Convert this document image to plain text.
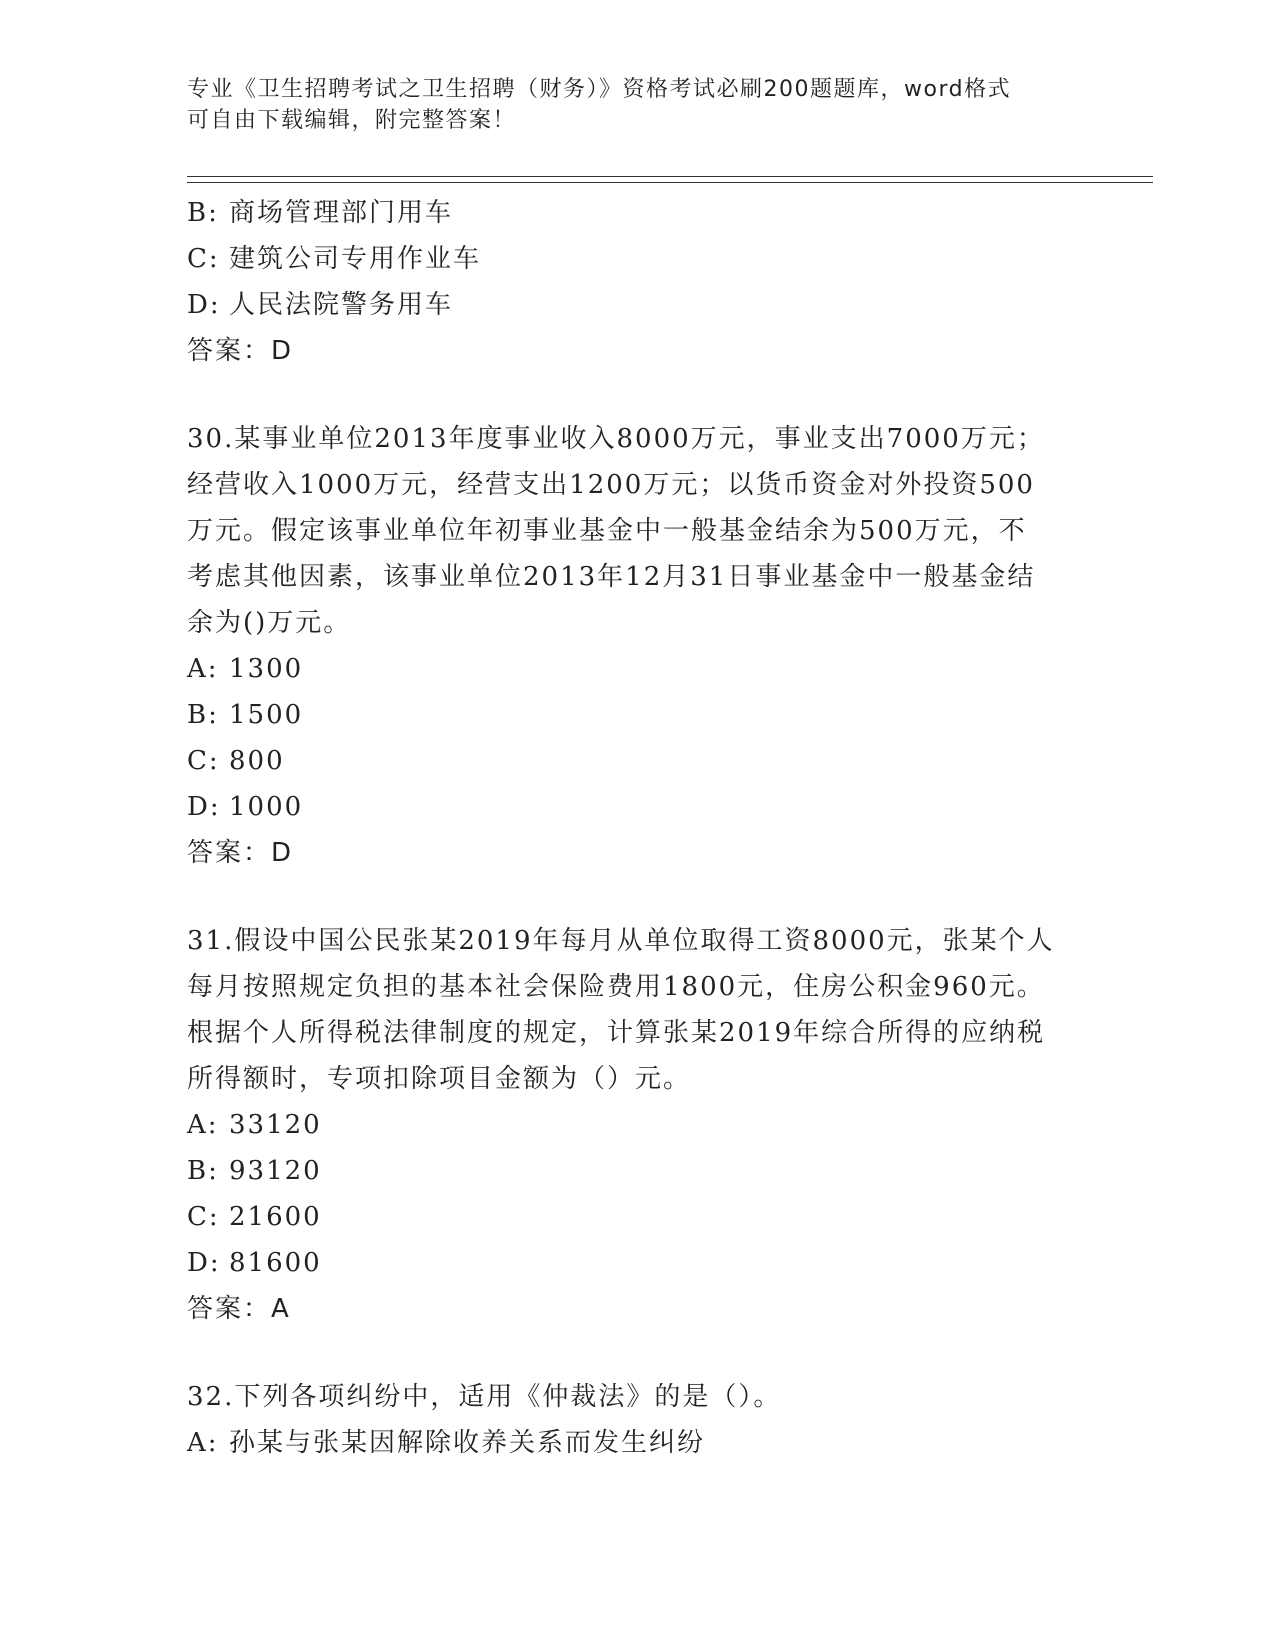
专业《卫生招聘考试之卫生招聘（财务）》资格考试必刷200题题库，word格式
可自由下载编辑，附完整答案！
B: 商场管理部门用车
C: 建筑公司专用作业车
D: 人民法院警务用车
答案：D
30.某事业单位2013年度事业收入8000万元，事业支出7000万元；
经营收入1000万元，经营支出1200万元；以货币资金对外投资500
万元。假定该事业单位年初事业基金中一般基金结余为500万元，不
考虑其他因素，该事业单位2013年12月31日事业基金中一般基金结
余为()万元。
A: 1300
B: 1500
C: 800
D: 1000
答案：D
31.假设中国公民张某2019年每月从单位取得工资8000元，张某个人
每月按照规定负担的基本社会保险费用1800元，住房公积金960元。
根据个人所得税法律制度的规定，计算张某2019年综合所得的应纳税
所得额时，专项扣除项目金额为（）元。
A: 33120
B: 93120
C: 21600
D: 81600
答案：A
32.下列各项纠纷中，适用《仲裁法》的是（）。
A: 孙某与张某因解除收养关系而发生纠纷
